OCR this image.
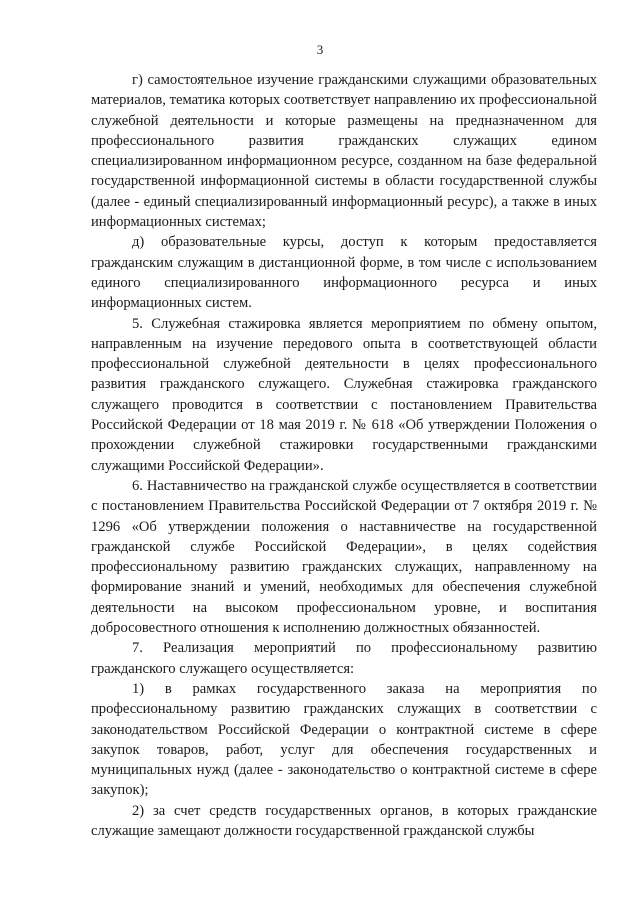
3

г) самостоятельное изучение гражданскими служащими образовательных материалов, тематика которых соответствует направлению их профессиональной служебной деятельности и которые размещены на предназначенном для профессионального развития гражданских служащих едином специализированном информационном ресурсе, созданном на базе федеральной государственной информационной системы в области государственной службы (далее - единый специализированный информационный ресурс), а также в иных информационных системах;

д) образовательные курсы, доступ к которым предоставляется гражданским служащим в дистанционной форме, в том числе с использованием единого специализированного информационного ресурса и иных информационных систем.

5. Служебная стажировка является мероприятием по обмену опытом, направленным на изучение передового опыта в соответствующей области профессиональной служебной деятельности в целях профессионального развития гражданского служащего. Служебная стажировка гражданского служащего проводится в соответствии с постановлением Правительства Российской Федерации от 18 мая 2019 г. № 618 «Об утверждении Положения о прохождении служебной стажировки государственными гражданскими служащими Российской Федерации».

6. Наставничество на гражданской службе осуществляется в соответствии с постановлением Правительства Российской Федерации от 7 октября 2019 г. № 1296 «Об утверждении положения о наставничестве на государственной гражданской службе Российской Федерации», в целях содействия профессиональному развитию гражданских служащих, направленному на формирование знаний и умений, необходимых для обеспечения служебной деятельности на высоком профессиональном уровне, и воспитания добросовестного отношения к исполнению должностных обязанностей.

7. Реализация мероприятий по профессиональному развитию гражданского служащего осуществляется:

1) в рамках государственного заказа на мероприятия по профессиональному развитию гражданских служащих в соответствии с законодательством Российской Федерации о контрактной системе в сфере закупок товаров, работ, услуг для обеспечения государственных и муниципальных нужд (далее - законодательство о контрактной системе в сфере закупок);

2) за счет средств государственных органов, в которых гражданские служащие замещают должности государственной гражданской службы
